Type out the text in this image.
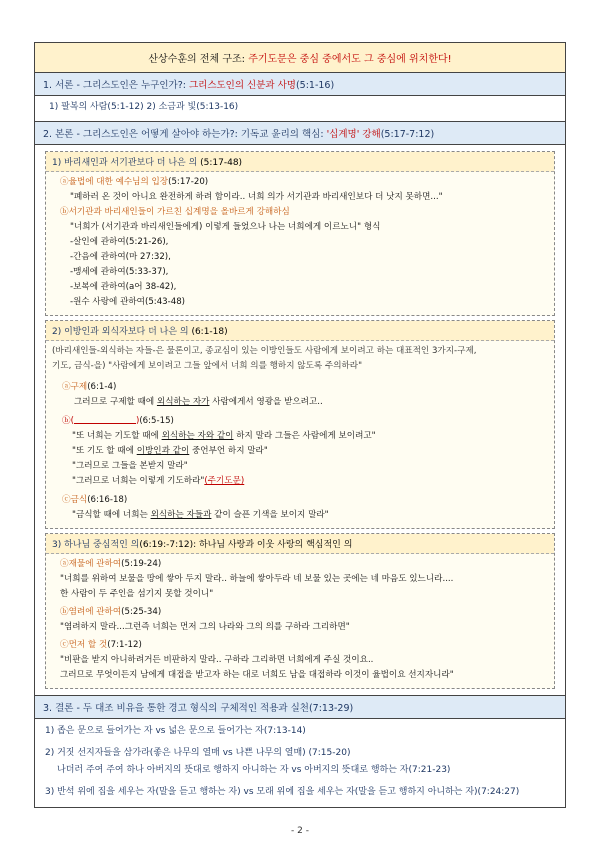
산상수훈의 전체 구조: 주기도문은 중심 중에서도 그 중심에 위치한다!
1. 서론 - 그리스도인은 누구인가?: 그리스도인의 신분과 사명(5:1-16)
1) 팔복의 사람(5:1-12) 2) 소금과 빛(5:13-16)
2. 본론 - 그리스도인은 어떻게 살아야 하는가?: 기독교 윤리의 핵심: '십계명' 강해(5:17-7:12)
1) 바리새인과 서기관보다 더 나은 의 (5:17-48)
ⓐ율법에 대한 예수님의 입장(5:17-20)
"폐하러 온 것이 아니요 완전하게 하려 함이라.. 너희 의가 서기관과 바리새인보다 더 낫지 못하면..."
ⓑ서기관과 바리새인들이 가르친 십계명을 올바르게 강해하심
"너희가 (서기관과 바리새인들에게) 이렇게 들었으나 나는 너희에게 이르노니" 형식
-살인에 관하여(5:21-26),
-간음에 관하여(마 27:32),
-맹세에 관하여(5:33-37),
-보복에 관하여(a어 38-42),
-원수 사랑에 관하여(5:43-48)
2) 이방인과 외식자보다 더 나은 의 (6:1-18)
(바리새인들-외식하는 자들-은 물론이고, 종교심이 있는 이방인들도 사람에게 보이려고 하는 대표적인 3가지-구제,
기도, 금식-을) "사람에게 보이려고 그들 앞에서 너희 의를 행하지 않도록 주의하라"
ⓐ구제(6:1-4)
그러므로 구제할 때에 외식하는 자가 사람에게서 영광을 받으려고..
ⓑ(	)(6:5-15)
"또 너희는 기도할 때에 외식하는 자와 같이 하지 말라 그들은 사람에게 보이려고"
"또 기도 할 때에 이방인과 같이 중언부언 하지 말라"
"그러므로 그들을 본받지 말라"
"그러므로 너희는 이렇게 기도하라"(주기도문)
ⓒ금식(6:16-18)
"금식할 때에 너희는 외식하는 자들과 같이 슬픈 기색을 보이지 말라"
3) 하나님 중심적인 의(6:19:-7:12): 하나님 사랑과 이웃 사랑의 핵심적인 의
ⓐ재물에 관하여(5:19-24)
"너희를 위하여 보물을 땅에 쌓아 두지 말라.. 하늘에 쌓아두라 네 보물 있는 곳에는 네 마음도 있느니라....
한 사람이 두 주인을 섬기지 못할 것이니"
ⓑ염려에 관하여(5:25-34)
"염려하지 말라...그런즉 너희는 먼저 그의 나라와 그의 의를 구하라 그리하면"
ⓒ먼저 할 것(7:1-12)
"비판을 받지 아니하려거든 비판하지 말라.. 구하라 그리하면 너희에게 주실 것이요..
그러므로 무엇이든지 남에게 대접을 받고자 하는 대로 너희도 남을 대접하라 이것이 율법이요 선지자니라"
3. 결론 - 두 대조 비유을 통한 경고 형식의 구체적인 적용과 실천(7:13-29)
1) 좁은 문으로 들어가는 자 vs 넓은 문으로 들어가는 자(7:13-14)
2) 거짓 선지자들을 삼가라(좋은 나무의 열매 vs 나쁜 나무의 열매) (7:15-20)
나더러 주여 주여 하나 아버지의 뜻대로 행하지 아니하는 자 vs 아버지의 뜻대로 행하는 자(7:21-23)
3) 반석 위에 집을 세우는 자(말을 듣고 행하는 자) vs 모래 위에 집을 세우는 자(말을 듣고 행하지 아니하는 자)(7:24:27)
- 2 -
